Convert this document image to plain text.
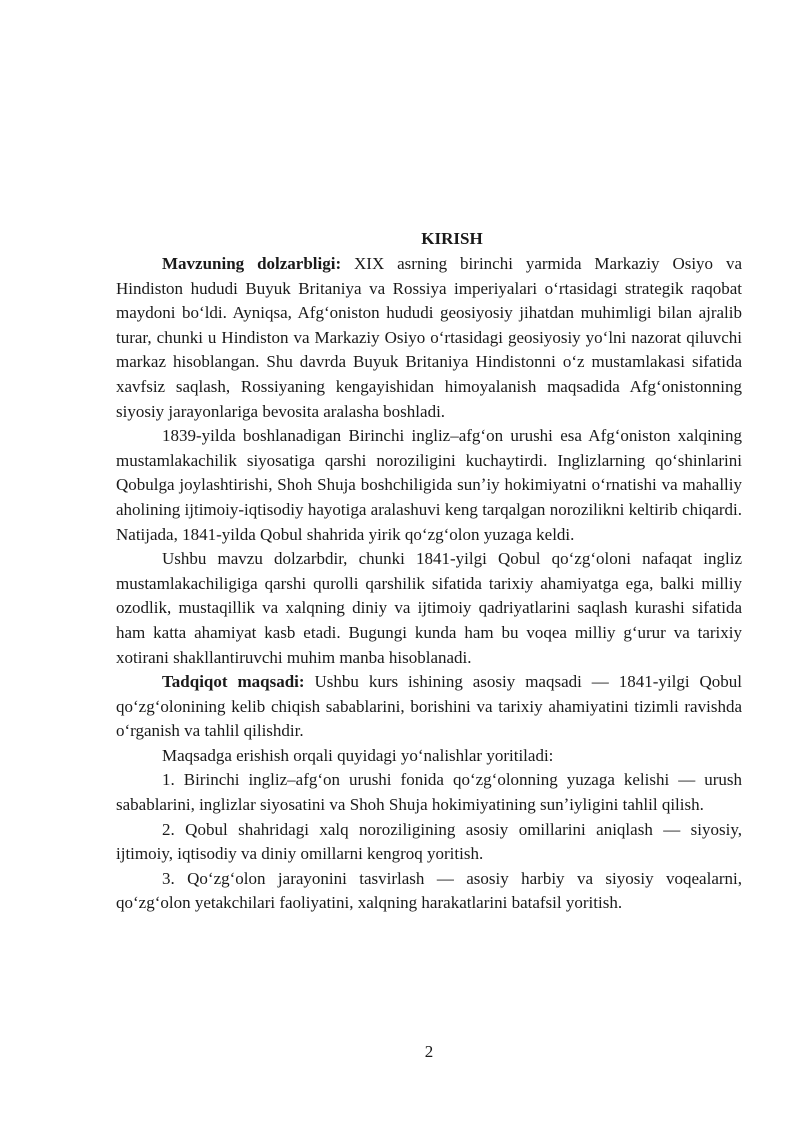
KIRISH

Mavzuning dolzarbligi: XIX asrning birinchi yarmida Markaziy Osiyo va Hindiston hududi Buyuk Britaniya va Rossiya imperiyalari oʻrtasidagi strategik raqobat maydoni boʻldi. Ayniqsa, Afgʻoniston hududi geosiyosiy jihatdan muhimligi bilan ajralib turar, chunki u Hindiston va Markaziy Osiyo oʻrtasidagi geosiyosiy yoʻlni nazorat qiluvchi markaz hisoblangan. Shu davrda Buyuk Britaniya Hindistonni oʻz mustamlakasi sifatida xavfsiz saqlash, Rossiyaning kengayishidan himoyalanish maqsadida Afgʻonistonning siyosiy jarayonlariga bevosita aralasha boshladi.

1839-yilda boshlanadigan Birinchi ingliz–afgʻon urushi esa Afgʻoniston xalqining mustamlakachilik siyosatiga qarshi noroziligini kuchaytirdi. Inglizlarning qoʻshinlarini Qobulga joylashtirishi, Shoh Shuja boshchiligida sunʼiy hokimiyatni oʻrnatishi va mahalliy aholining ijtimoiy-iqtisodiy hayotiga aralashuvi keng tarqalgan norozilikni keltirib chiqardi. Natijada, 1841-yilda Qobul shahrida yirik qoʻzgʻolon yuzaga keldi.

Ushbu mavzu dolzarbdir, chunki 1841-yilgi Qobul qoʻzgʻoloni nafaqat ingliz mustamlakachiligiga qarshi qurolli qarshilik sifatida tarixiy ahamiyatga ega, balki milliy ozodlik, mustaqillik va xalqning diniy va ijtimoiy qadriyatlarini saqlash kurashi sifatida ham katta ahamiyat kasb etadi. Bugungi kunda ham bu voqea milliy gʻurur va tarixiy xotirani shakllantiruvchi muhim manba hisoblanadi.

Tadqiqot maqsadi: Ushbu kurs ishining asosiy maqsadi — 1841-yilgi Qobul qoʻzgʻolonining kelib chiqish sabablarini, borishini va tarixiy ahamiyatini tizimli ravishda oʻrganish va tahlil qilishdir.

Maqsadga erishish orqali quyidagi yoʻnalishlar yoritiladi:

1. Birinchi ingliz–afgʻon urushi fonida qoʻzgʻolonning yuzaga kelishi — urush sabablarini, inglizlar siyosatini va Shoh Shuja hokimiyatining sunʼiyligini tahlil qilish.

2. Qobul shahridagi xalq noroziligining asosiy omillarini aniqlash — siyosiy, ijtimoiy, iqtisodiy va diniy omillarni kengroq yoritish.

3. Qoʻzgʻolon jarayonini tasvirlash — asosiy harbiy va siyosiy voqealarni, qoʻzgʻolon yetakchilari faoliyatini, xalqning harakatlarini batafsil yoritish.

2
